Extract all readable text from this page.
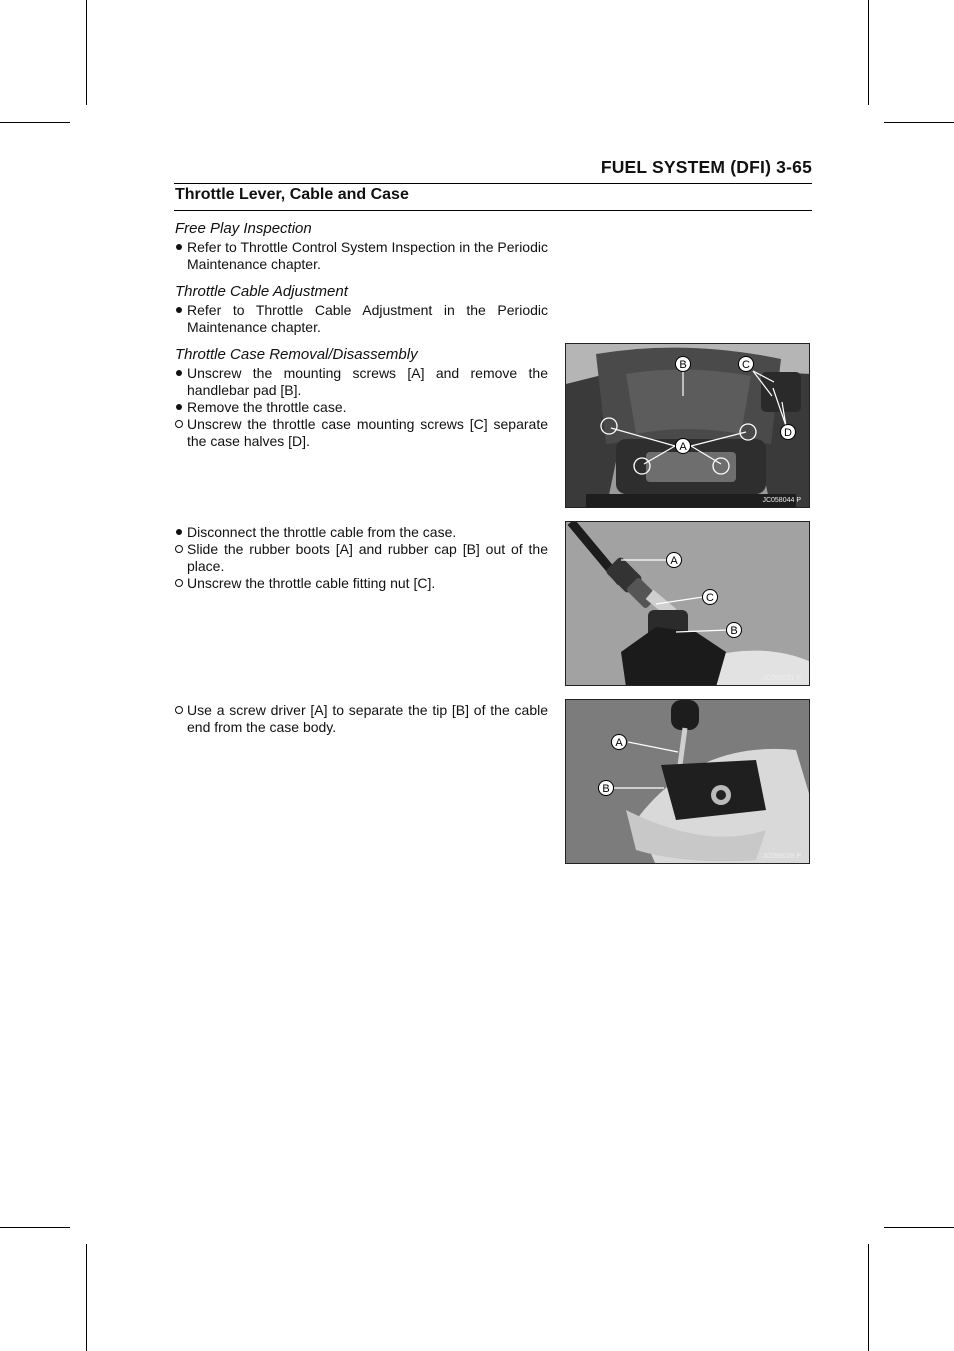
FUEL SYSTEM (DFI) 3-65
Throttle Lever, Cable and Case
Free Play Inspection
Refer to Throttle Control System Inspection in the Periodic Maintenance chapter.
Throttle Cable Adjustment
Refer to Throttle Cable Adjustment in the Periodic Maintenance chapter.
Throttle Case Removal/Disassembly
Unscrew the mounting screws [A] and remove the handlebar pad [B].
Remove the throttle case.
Unscrew the throttle case mounting screws [C] separate the case halves [D].
Disconnect the throttle cable from the case.
Slide the rubber boots [A] and rubber cap [B] out of the place.
Unscrew the throttle cable fitting nut [C].
Use a screw driver [A] to separate the tip [B] of the cable end from the case body.
B	C
A
D
JC058044 P
A
C
B
JC058031 P
A
B
JC058028 P
